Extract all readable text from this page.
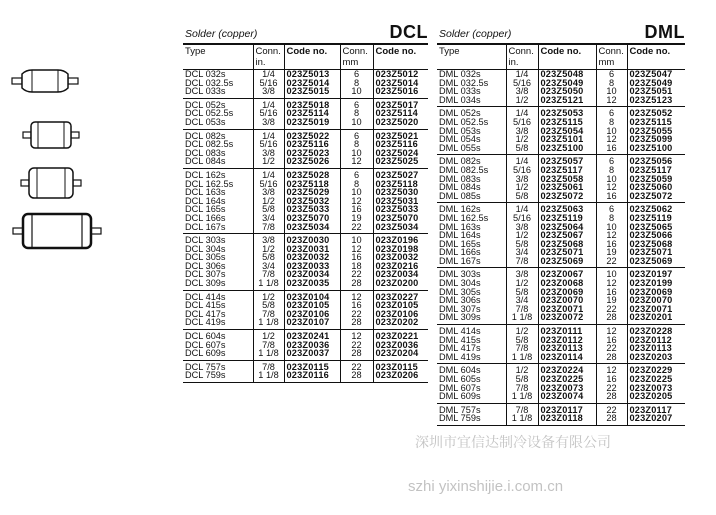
Solder (copper)	DCL
Type	Conn. in.	Code no.	Conn. mm	Code no.
DCL 032s	1/4	023Z5013	6	023Z5012
DCL 032.5s	5/16	023Z5014	8	023Z5014
DCL 033s	3/8	023Z5015	10	023Z5016
DCL 052s	1/4	023Z5018	6	023Z5017
DCL 052.5s	5/16	023Z5114	8	023Z5114
DCL 053s	3/8	023Z5019	10	023Z5020
DCL 082s	1/4	023Z5022	6	023Z5021
DCL 082.5s	5/16	023Z5116	8	023Z5116
DCL 083s	3/8	023Z5023	10	023Z5024
DCL 084s	1/2	023Z5026	12	023Z5025
DCL 162s	1/4	023Z5028	6	023Z5027
DCL 162.5s	5/16	023Z5118	8	023Z5118
DCL 163s	3/8	023Z5029	10	023Z5030
DCL 164s	1/2	023Z5032	12	023Z5031
DCL 165s	5/8	023Z5033	16	023Z5033
DCL 166s	3/4	023Z5070	19	023Z5070
DCL 167s	7/8	023Z5034	22	023Z5034
DCL 303s	3/8	023Z0030	10	023Z0196
DCL 304s	1/2	023Z0031	12	023Z0198
DCL 305s	5/8	023Z0032	16	023Z0032
DCL 306s	3/4	023Z0033	18	023Z0216
DCL 307s	7/8	023Z0034	22	023Z0034
DCL 309s	1 1/8	023Z0035	28	023Z0200
DCL 414s	1/2	023Z0104	12	023Z0227
DCL 415s	5/8	023Z0105	16	023Z0105
DCL 417s	7/8	023Z0106	22	023Z0106
DCL 419s	1 1/8	023Z0107	28	023Z0202
DCL 604s	1/2	023Z0241	12	023Z0221
DCL 607s	7/8	023Z0036	22	023Z0036
DCL 609s	1 1/8	023Z0037	28	023Z0204
DCL 757s	7/8	023Z0115	22	023Z0115
DCL 759s	1 1/8	023Z0116	28	023Z0206
Solder (copper)	DML
Type	Conn. in.	Code no.	Conn. mm	Code no.
DML 032s	1/4	023Z5048	6	023Z5047
DML 032.5s	5/16	023Z5049	8	023Z5049
DML 033s	3/8	023Z5050	10	023Z5051
DML 034s	1/2	023Z5121	12	023Z5123
DML 052s	1/4	023Z5053	6	023Z5052
DML 052.5s	5/16	023Z5115	8	023Z5115
DML 053s	3/8	023Z5054	10	023Z5055
DML 054s	1/2	023Z5101	12	023Z5099
DML 055s	5/8	023Z5100	16	023Z5100
DML 082s	1/4	023Z5057	6	023Z5056
DML 082.5s	5/16	023Z5117	8	023Z5117
DML 083s	3/8	023Z5058	10	023Z5059
DML 084s	1/2	023Z5061	12	023Z5060
DML 085s	5/8	023Z5072	16	023Z5072
DML 162s	1/4	023Z5063	6	023Z5062
DML 162.5s	5/16	023Z5119	8	023Z5119
DML 163s	3/8	023Z5064	10	023Z5065
DML 164s	1/2	023Z5067	12	023Z5066
DML 165s	5/8	023Z5068	16	023Z5068
DML 166s	3/4	023Z5071	19	023Z5071
DML 167s	7/8	023Z5069	22	023Z5069
DML 303s	3/8	023Z0067	10	023Z0197
DML 304s	1/2	023Z0068	12	023Z0199
DML 305s	5/8	023Z0069	16	023Z0069
DML 306s	3/4	023Z0070	19	023Z0070
DML 307s	7/8	023Z0071	22	023Z0071
DML 309s	1 1/8	023Z0072	28	023Z0201
DML 414s	1/2	023Z0111	12	023Z0228
DML 415s	5/8	023Z0112	16	023Z0112
DML 417s	7/8	023Z0113	22	023Z0113
DML 419s	1 1/8	023Z0114	28	023Z0203
DML 604s	1/2	023Z0224	12	023Z0229
DML 605s	5/8	023Z0225	16	023Z0225
DML 607s	7/8	023Z0073	22	023Z0073
DML 609s	1 1/8	023Z0074	28	023Z0205
DML 757s	7/8	023Z0117	22	023Z0117
DML 759s	1 1/8	023Z0118	28	023Z0207
深圳市宜信达制冷设备有限公司
szhi yixinshijie.i.com.cn
